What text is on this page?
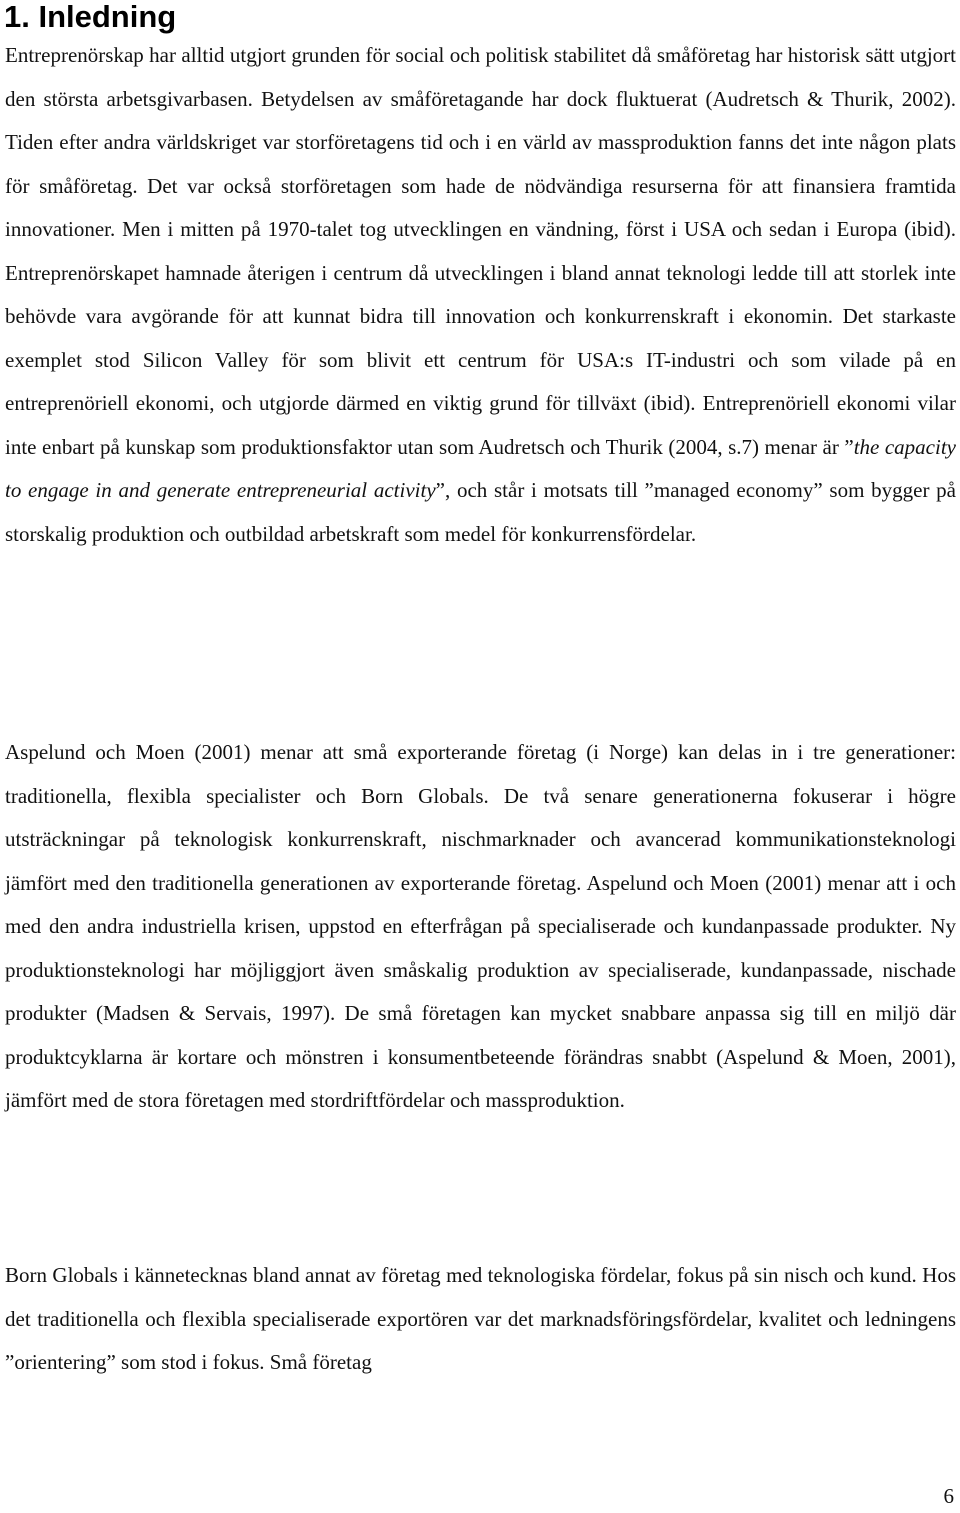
1. Inledning

Entreprenörskap har alltid utgjort grunden för social och politisk stabilitet då småföretag har historisk sätt utgjort den största arbetsgivarbasen. Betydelsen av småföretagande har dock fluktuerat (Audretsch & Thurik, 2002). Tiden efter andra världskriget var storföretagens tid och i en värld av massproduktion fanns det inte någon plats för småföretag. Det var också storföretagen som hade de nödvändiga resurserna för att finansiera framtida innovationer. Men i mitten på 1970-talet tog utvecklingen en vändning, först i USA och sedan i Europa (ibid). Entreprenörskapet hamnade återigen i centrum då utvecklingen i bland annat teknologi ledde till att storlek inte behövde vara avgörande för att kunnat bidra till innovation och konkurrenskraft i ekonomin. Det starkaste exemplet stod Silicon Valley för som blivit ett centrum för USA:s IT-industri och som vilade på en entreprenöriell ekonomi, och utgjorde därmed en viktig grund för tillväxt (ibid). Entreprenöriell ekonomi vilar inte enbart på kunskap som produktionsfaktor utan som Audretsch och Thurik (2004, s.7) menar är ”the capacity to engage in and generate entrepreneurial activity”, och står i motsats till ”managed economy” som bygger på storskalig produktion och outbildad arbetskraft som medel för konkurrensfördelar.

Aspelund och Moen (2001) menar att små exporterande företag (i Norge) kan delas in i tre generationer: traditionella, flexibla specialister och Born Globals. De två senare generationerna fokuserar i högre utsträckningar på teknologisk konkurrenskraft, nischmarknader och avancerad kommunikationsteknologi jämfört med den traditionella generationen av exporterande företag. Aspelund och Moen (2001) menar att i och med den andra industriella krisen, uppstod en efterfrågan på specialiserade och kundanpassade produkter. Ny produktionsteknologi har möjliggjort även småskalig produktion av specialiserade, kundanpassade, nischade produkter (Madsen & Servais, 1997). De små företagen kan mycket snabbare anpassa sig till en miljö där produktcyklarna är kortare och mönstren i konsumentbeteende förändras snabbt (Aspelund & Moen, 2001), jämfört med de stora företagen med stordriftfördelar och massproduktion.

Born Globals i kännetecknas bland annat av företag med teknologiska fördelar, fokus på sin nisch och kund. Hos det traditionella och flexibla specialiserade exportören var det marknadsföringsfördelar, kvalitet och ledningens ”orientering” som stod i fokus. Små företag

6
